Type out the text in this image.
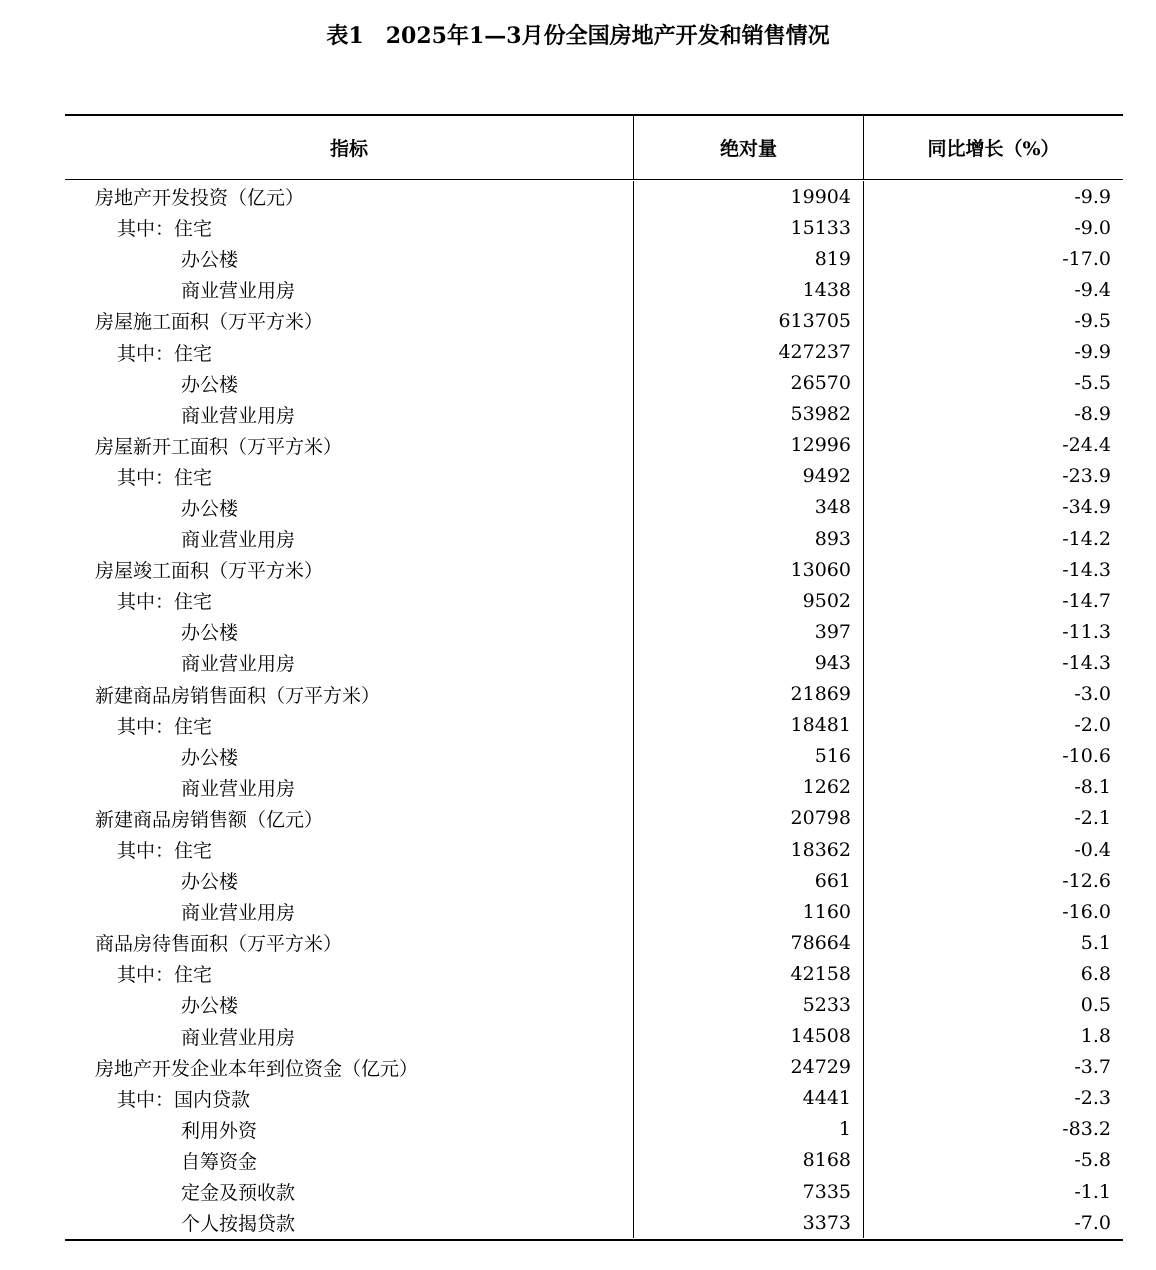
表1　2025年1—3月份全国房地产开发和销售情况
指标	绝对量	同比增长（%）
房地产开发投资（亿元）	19904	-9.9
其中：住宅	15133	-9.0
办公楼	819	-17.0
商业营业用房	1438	-9.4
房屋施工面积（万平方米）	613705	-9.5
其中：住宅	427237	-9.9
办公楼	26570	-5.5
商业营业用房	53982	-8.9
房屋新开工面积（万平方米）	12996	-24.4
其中：住宅	9492	-23.9
办公楼	348	-34.9
商业营业用房	893	-14.2
房屋竣工面积（万平方米）	13060	-14.3
其中：住宅	9502	-14.7
办公楼	397	-11.3
商业营业用房	943	-14.3
新建商品房销售面积（万平方米）	21869	-3.0
其中：住宅	18481	-2.0
办公楼	516	-10.6
商业营业用房	1262	-8.1
新建商品房销售额（亿元）	20798	-2.1
其中：住宅	18362	-0.4
办公楼	661	-12.6
商业营业用房	1160	-16.0
商品房待售面积（万平方米）	78664	5.1
其中：住宅	42158	6.8
办公楼	5233	0.5
商业营业用房	14508	1.8
房地产开发企业本年到位资金（亿元）	24729	-3.7
其中：国内贷款	4441	-2.3
利用外资	1	-83.2
自筹资金	8168	-5.8
定金及预收款	7335	-1.1
个人按揭贷款	3373	-7.0
